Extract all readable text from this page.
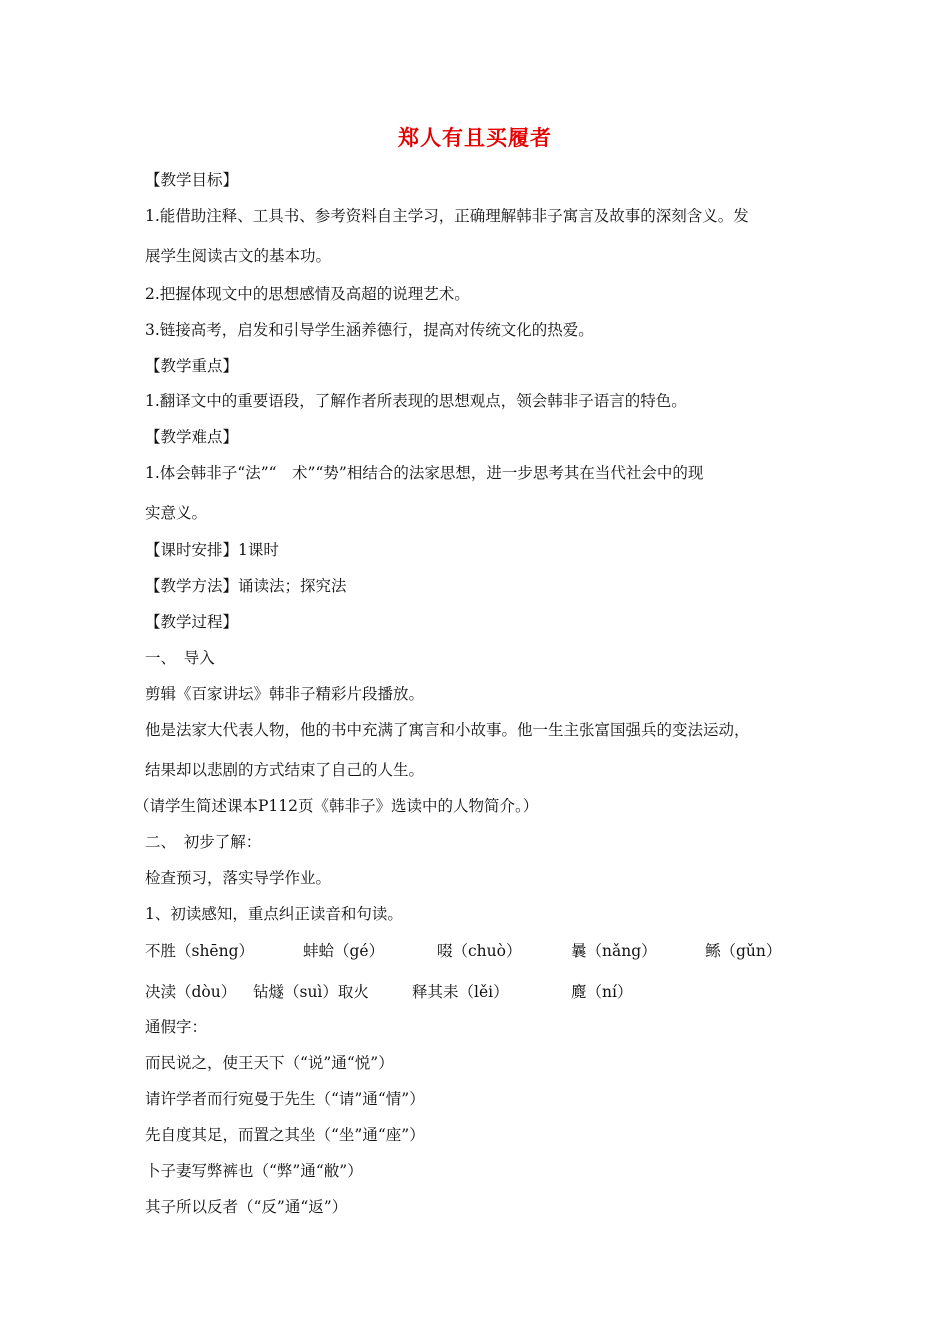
郑人有且买履者
【教学目标】
1.能借助注释、工具书、参考资料自主学习，正确理解韩非子寓言及故事的深刻含义。发
展学生阅读古文的基本功。
2.把握体现文中的思想感情及高超的说理艺术。
3.链接高考，启发和引导学生涵养德行，提高对传统文化的热爱。
【教学重点】
1.翻译文中的重要语段，了解作者所表现的思想观点，领会韩非子语言的特色。
【教学难点】
1.体会韩非子“法”“　术”“势”相结合的法家思想，进一步思考其在当代社会中的现
实意义。
【课时安排】1课时
【教学方法】诵读法；探究法
【教学过程】
一、　导入
剪辑《百家讲坛》韩非子精彩片段播放。
他是法家大代表人物，他的书中充满了寓言和小故事。他一生主张富国强兵的变法运动，
结果却以悲剧的方式结束了自己的人生。
（请学生简述课本P112页《韩非子》选读中的人物简介。）
二、　初步了解：
检查预习，落实导学作业。
1、初读感知，重点纠正读音和句读。
不胜（shēng）	蚌蛤（gé）	啜（chuò）	曩（nǎng）	鲧（gǔn）
决渎（dòu） 钻燧（suì）取火	释其耒（lěi）	麑（ní）
通假字：
而民说之，使王天下（“说”通“悦”）
请许学者而行宛曼于先生（“请”通“情”）
先自度其足，而置之其坐（“坐”通“座”）
卜子妻写弊裤也（“弊”通“敝”）
其子所以反者（“反”通“返”）
